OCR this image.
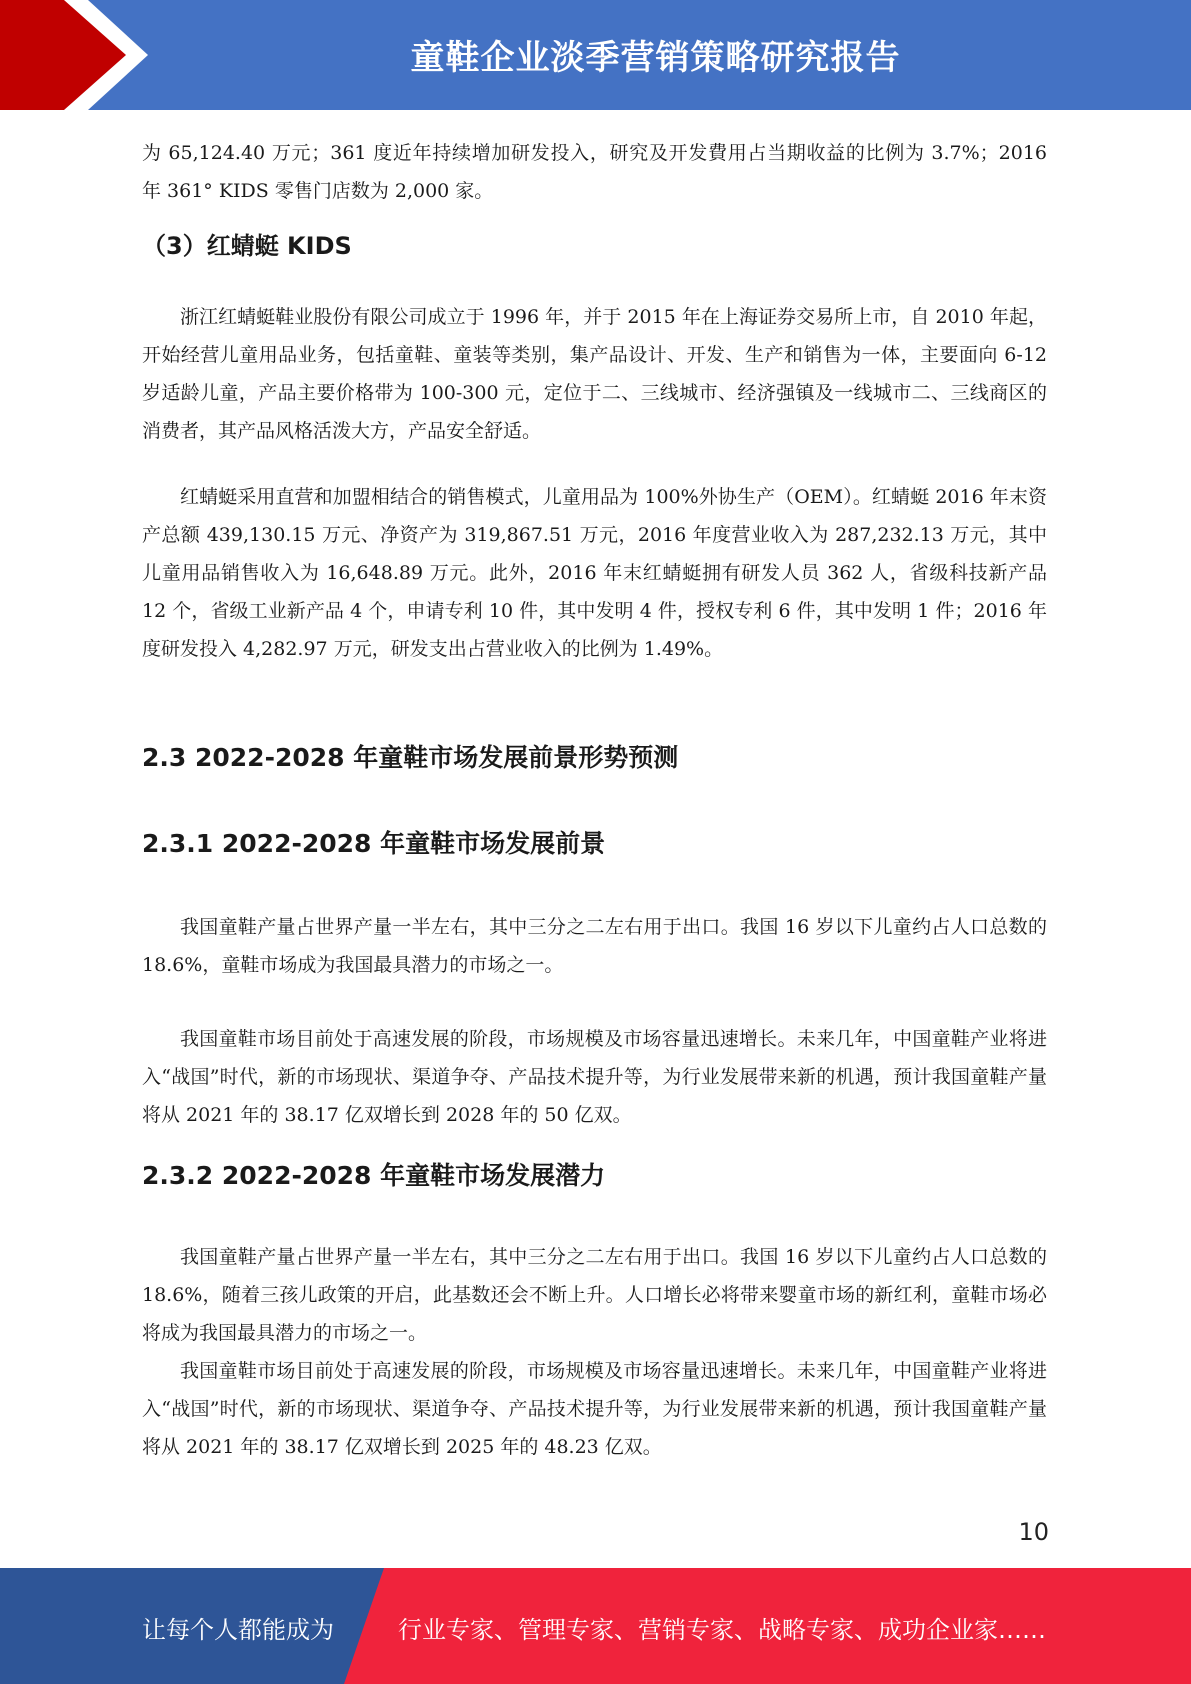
童鞋企业淡季营销策略研究报告

为 65,124.40 万元；361 度近年持续增加研发投入，研究及开发費用占当期收益的比例为 3.7%；2016 年 361° KIDS 零售门店数为 2,000 家。

（3）红蜻蜓 KIDS

浙江红蜻蜓鞋业股份有限公司成立于 1996 年，并于 2015 年在上海证券交易所上市，自 2010 年起，开始经营儿童用品业务，包括童鞋、童装等类别，集产品设计、开发、生产和销售为一体，主要面向 6-12 岁适龄儿童，产品主要价格带为 100-300 元，定位于二、三线城市、经济强镇及一线城市二、三线商区的消费者，其产品风格活泼大方，产品安全舒适。

红蜻蜓采用直营和加盟相结合的销售模式，儿童用品为 100%外协生产（OEM）。红蜻蜓 2016 年末资产总额 439,130.15 万元、净资产为 319,867.51 万元，2016 年度营业收入为 287,232.13 万元，其中儿童用品销售收入为 16,648.89 万元。此外，2016 年末红蜻蜓拥有研发人员 362 人，省级科技新产品 12 个，省级工业新产品 4 个，申请专利 10 件，其中发明 4 件，授权专利 6 件，其中发明 1 件；2016 年度研发投入 4,282.97 万元，研发支出占营业收入的比例为 1.49%。

2.3 2022-2028 年童鞋市场发展前景形势预测
2.3.1 2022-2028 年童鞋市场发展前景

我国童鞋产量占世界产量一半左右，其中三分之二左右用于出口。我国 16 岁以下儿童约占人口总数的 18.6%，童鞋市场成为我国最具潜力的市场之一。

我国童鞋市场目前处于高速发展的阶段，市场规模及市场容量迅速增长。未来几年，中国童鞋产业将进入“战国”时代，新的市场现状、渠道争夺、产品技术提升等，为行业发展带来新的机遇，预计我国童鞋产量将从 2021 年的 38.17 亿双增长到 2028 年的 50 亿双。

2.3.2 2022-2028 年童鞋市场发展潜力

我国童鞋产量占世界产量一半左右，其中三分之二左右用于出口。我国 16 岁以下儿童约占人口总数的 18.6%，随着三孩儿政策的开启，此基数还会不断上升。人口增长必将带来婴童市场的新红利，童鞋市场必将成为我国最具潜力的市场之一。

我国童鞋市场目前处于高速发展的阶段，市场规模及市场容量迅速增长。未来几年，中国童鞋产业将进入“战国”时代，新的市场现状、渠道争夺、产品技术提升等，为行业发展带来新的机遇，预计我国童鞋产量将从 2021 年的 38.17 亿双增长到 2025 年的 48.23 亿双。

10
让每个人都能成为	行业专家、管理专家、营销专家、战略专家、成功企业家……
